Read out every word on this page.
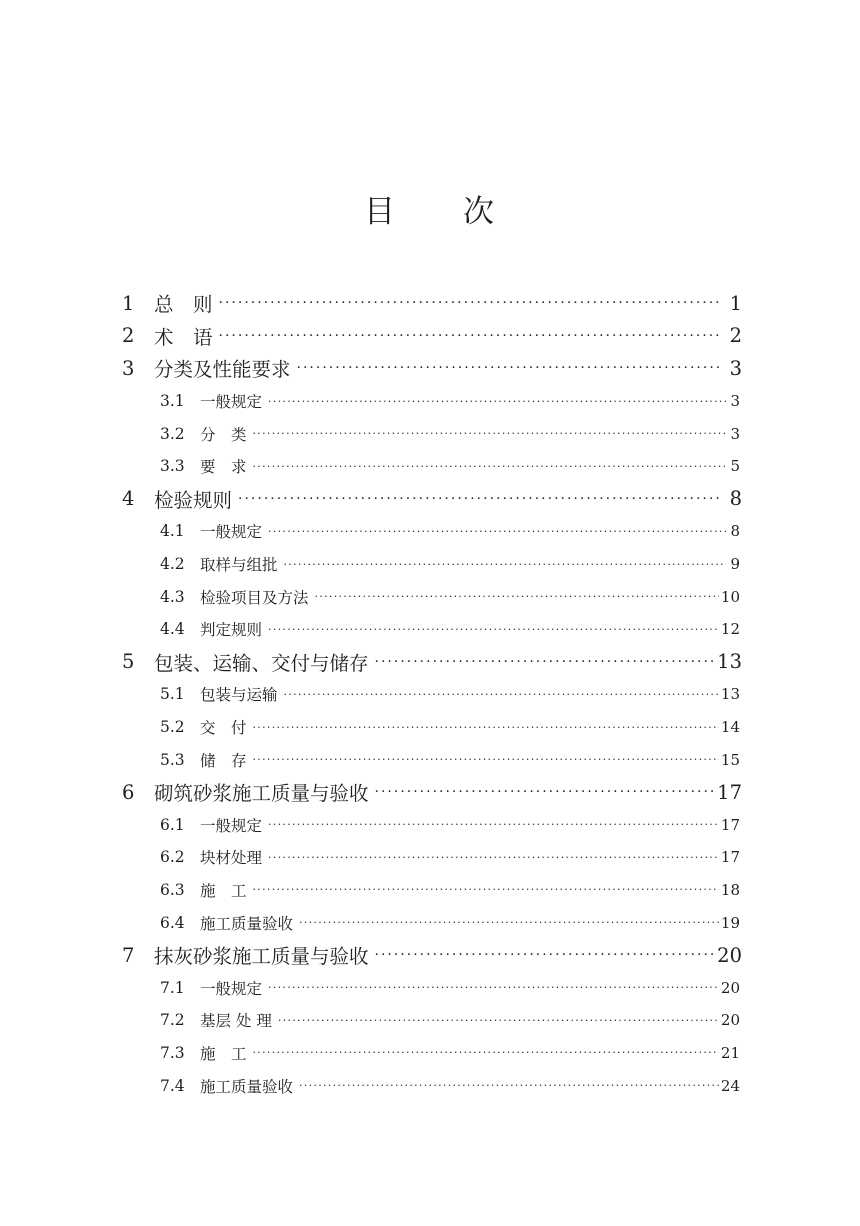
目　　次
1	总　则 ·····	1
2	术　语 ·····	2
3	分类及性能要求 ·····	3
3.1 一般规定 ·····	3
3.2 分　类 ·····	3
3.3 要　求 ·····	5
4	检验规则 ·····	8
4.1 一般规定 ·····	8
4.2 取样与组批 ·····	9
4.3 检验项目及方法 ·····	10
4.4 判定规则 ·····	12
5	包装、运输、交付与储存 ·····	13
5.1 包装与运输 ·····	13
5.2 交　付 ·····	14
5.3 储　存 ·····	15
6	砌筑砂浆施工质量与验收 ·····	17
6.1 一般规定 ·····	17
6.2 块材处理 ·····	17
6.3 施　工 ·····	18
6.4 施工质量验收 ·····	19
7	抹灰砂浆施工质量与验收 ·····	20
7.1 一般规定 ·····	20
7.2 基层 处 理 ·····	20
7.3 施　工 ·····	21
7.4 施工质量验收 ·····	24
